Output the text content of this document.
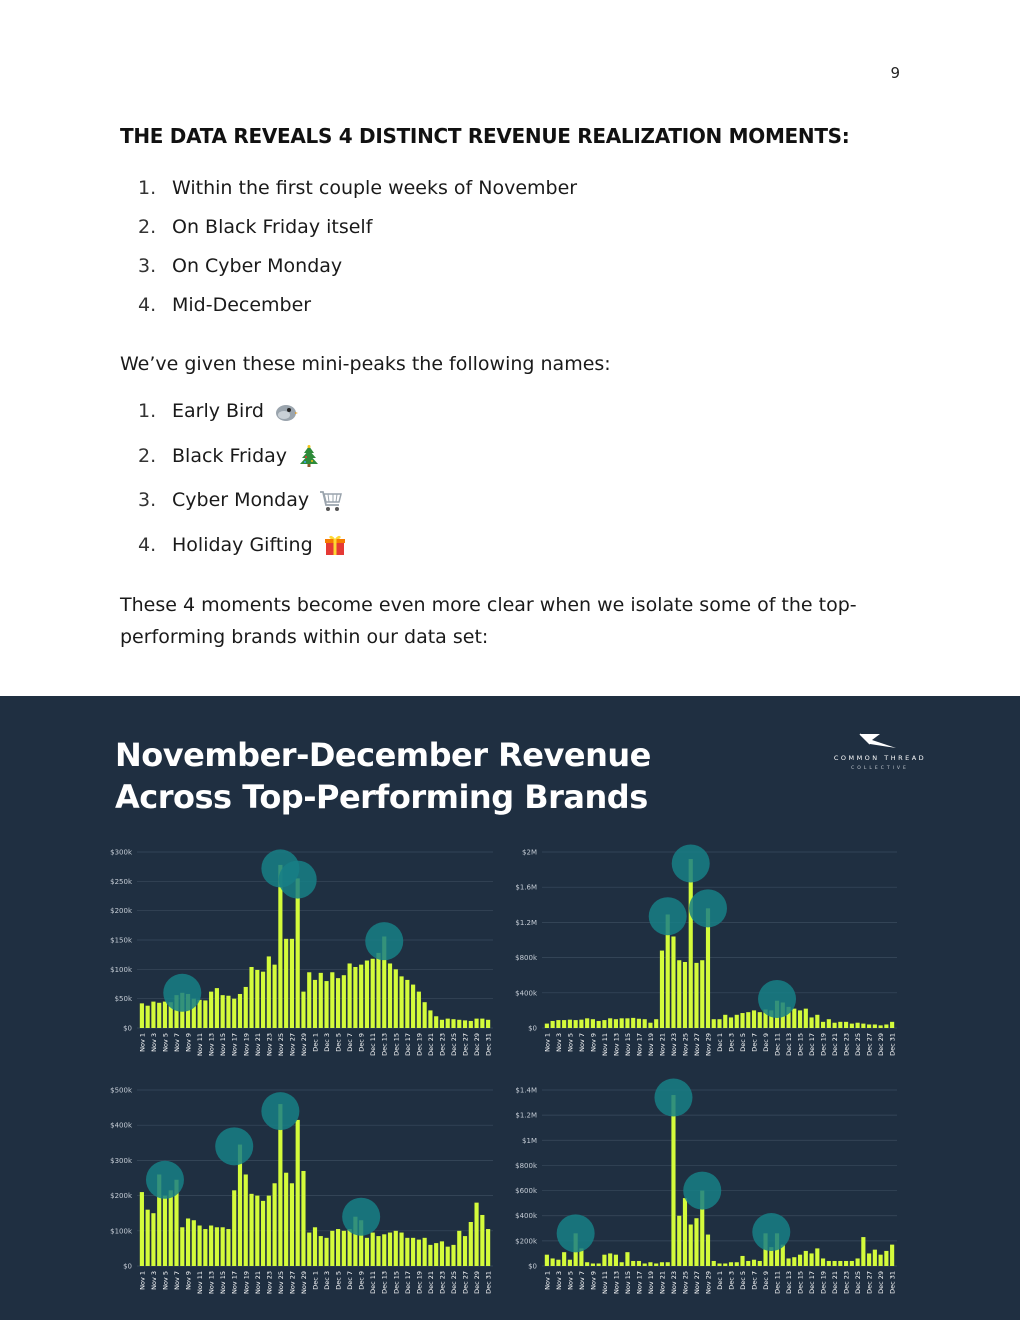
9
THE DATA REVEALS 4 DISTINCT REVENUE REALIZATION MOMENTS:
1. Within the first couple weeks of November
2. On Black Friday itself
3. On Cyber Monday
4. Mid-December

We’ve given these mini-peaks the following names:

1. Early Bird
2. Black Friday
3. Cyber Monday
4. Holiday Gifting

These 4 moments become even more clear when we isolate some of the top-performing brands within our data set:

November-December Revenue
Across Top-Performing Brands
COMMON THREAD
COLLECTIVE
$0
$50k
$100k
$150k
$200k
$250k
$300k
Nov 1 Nov 3 Nov 5 Nov 7 Nov 9 Nov 11 Nov 13 Nov 15 Nov 17 Nov 19 Nov 21 Nov 23 Nov 25 Nov 27 Nov 29 Dec 1 Dec 3 Dec 5 Dec 7 Dec 9 Dec 11 Dec 13 Dec 15 Dec 17 Dec 19 Dec 21 Dec 23 Dec 25 Dec 27 Dec 29 Dec 31
$0
$400k
$800k
$1.2M
$1.6M
$2M
Nov 1 Nov 3 Nov 5 Nov 7 Nov 9 Nov 11 Nov 13 Nov 15 Nov 17 Nov 19 Nov 21 Nov 23 Nov 25 Nov 27 Nov 29 Dec 1 Dec 3 Dec 5 Dec 7 Dec 9 Dec 11 Dec 13 Dec 15 Dec 17 Dec 19 Dec 21 Dec 23 Dec 25 Dec 27 Dec 29 Dec 31
$0
$100k
$200k
$300k
$400k
$500k
Nov 1 Nov 3 Nov 5 Nov 7 Nov 9 Nov 11 Nov 13 Nov 15 Nov 17 Nov 19 Nov 21 Nov 23 Nov 25 Nov 27 Nov 29 Dec 1 Dec 3 Dec 5 Dec 7 Dec 9 Dec 11 Dec 13 Dec 15 Dec 17 Dec 19 Dec 21 Dec 23 Dec 25 Dec 27 Dec 29 Dec 31
$0
$200k
$400k
$600k
$800k
$1M
$1.2M
$1.4M
Nov 1 Nov 3 Nov 5 Nov 7 Nov 9 Nov 11 Nov 13 Nov 15 Nov 17 Nov 19 Nov 21 Nov 23 Nov 25 Nov 27 Nov 29 Dec 1 Dec 3 Dec 5 Dec 7 Dec 9 Dec 11 Dec 13 Dec 15 Dec 17 Dec 19 Dec 21 Dec 23 Dec 25 Dec 27 Dec 29 Dec 31
